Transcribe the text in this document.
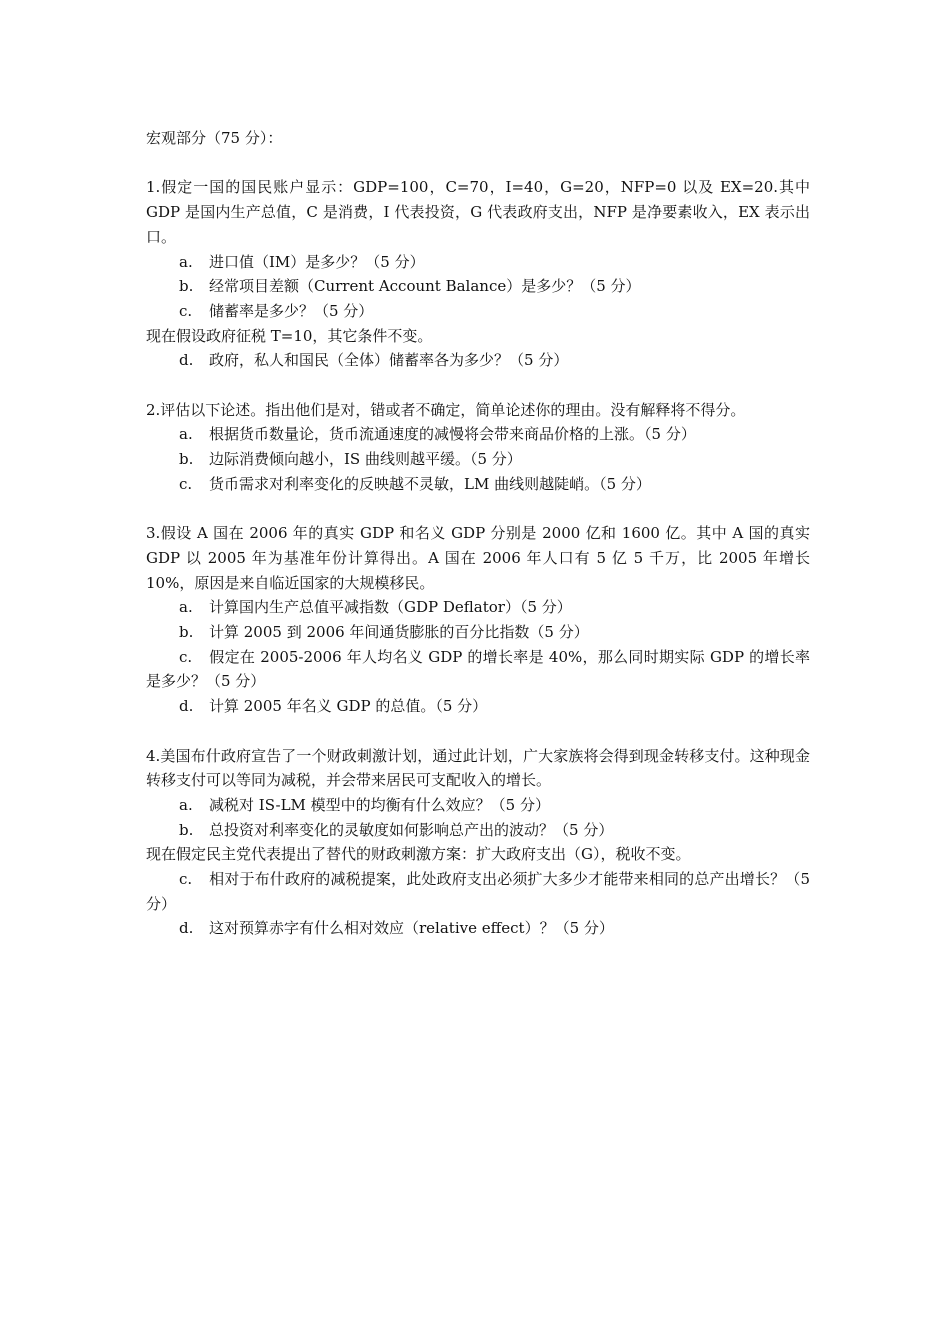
宏观部分（75 分）：
1.假定一国的国民账户显示：GDP=100，C=70，I=40，G=20，NFP=0 以及 EX=20.其中 GDP 是国内生产总值，C 是消费，I 代表投资，G 代表政府支出，NFP 是净要素收入，EX 表示出口。
a.	进口值（IM）是多少？（5 分）
b.	经常项目差额（Current Account Balance）是多少？（5 分）
c.	储蓄率是多少？（5 分）
现在假设政府征税 T=10，其它条件不变。
d.	政府，私人和国民（全体）储蓄率各为多少？（5 分）
2.评估以下论述。指出他们是对，错或者不确定，简单论述你的理由。没有解释将不得分。
a.	根据货币数量论，货币流通速度的减慢将会带来商品价格的上涨。（5 分）
b.	边际消费倾向越小，IS 曲线则越平缓。（5 分）
c.	货币需求对利率变化的反映越不灵敏，LM 曲线则越陡峭。（5 分）
3.假设 A 国在 2006 年的真实 GDP 和名义 GDP 分别是 2000 亿和 1600 亿。其中 A 国的真实 GDP 以 2005 年为基准年份计算得出。A 国在 2006 年人口有 5 亿 5 千万，比 2005 年增长 10%，原因是来自临近国家的大规模移民。
a.	计算国内生产总值平减指数（GDP Deflator）（5 分）
b.	计算 2005 到 2006 年间通货膨胀的百分比指数（5 分）
c. 假定在 2005-2006 年人均名义 GDP 的增长率是 40%，那么同时期实际 GDP 的增长率是多少？（5 分）
d.	计算 2005 年名义 GDP 的总值。（5 分）
4.美国布什政府宣告了一个财政刺激计划，通过此计划，广大家族将会得到现金转移支付。这种现金转移支付可以等同为减税，并会带来居民可支配收入的增长。
a.	减税对 IS-LM 模型中的均衡有什么效应？（5 分）
b.	总投资对利率变化的灵敏度如何影响总产出的波动？（5 分）
现在假定民主党代表提出了替代的财政刺激方案：扩大政府支出（G），税收不变。
c. 相对于布什政府的减税提案，此处政府支出必须扩大多少才能带来相同的总产出增长？（5 分）
d.	这对预算赤字有什么相对效应（relative effect）？（5 分）
